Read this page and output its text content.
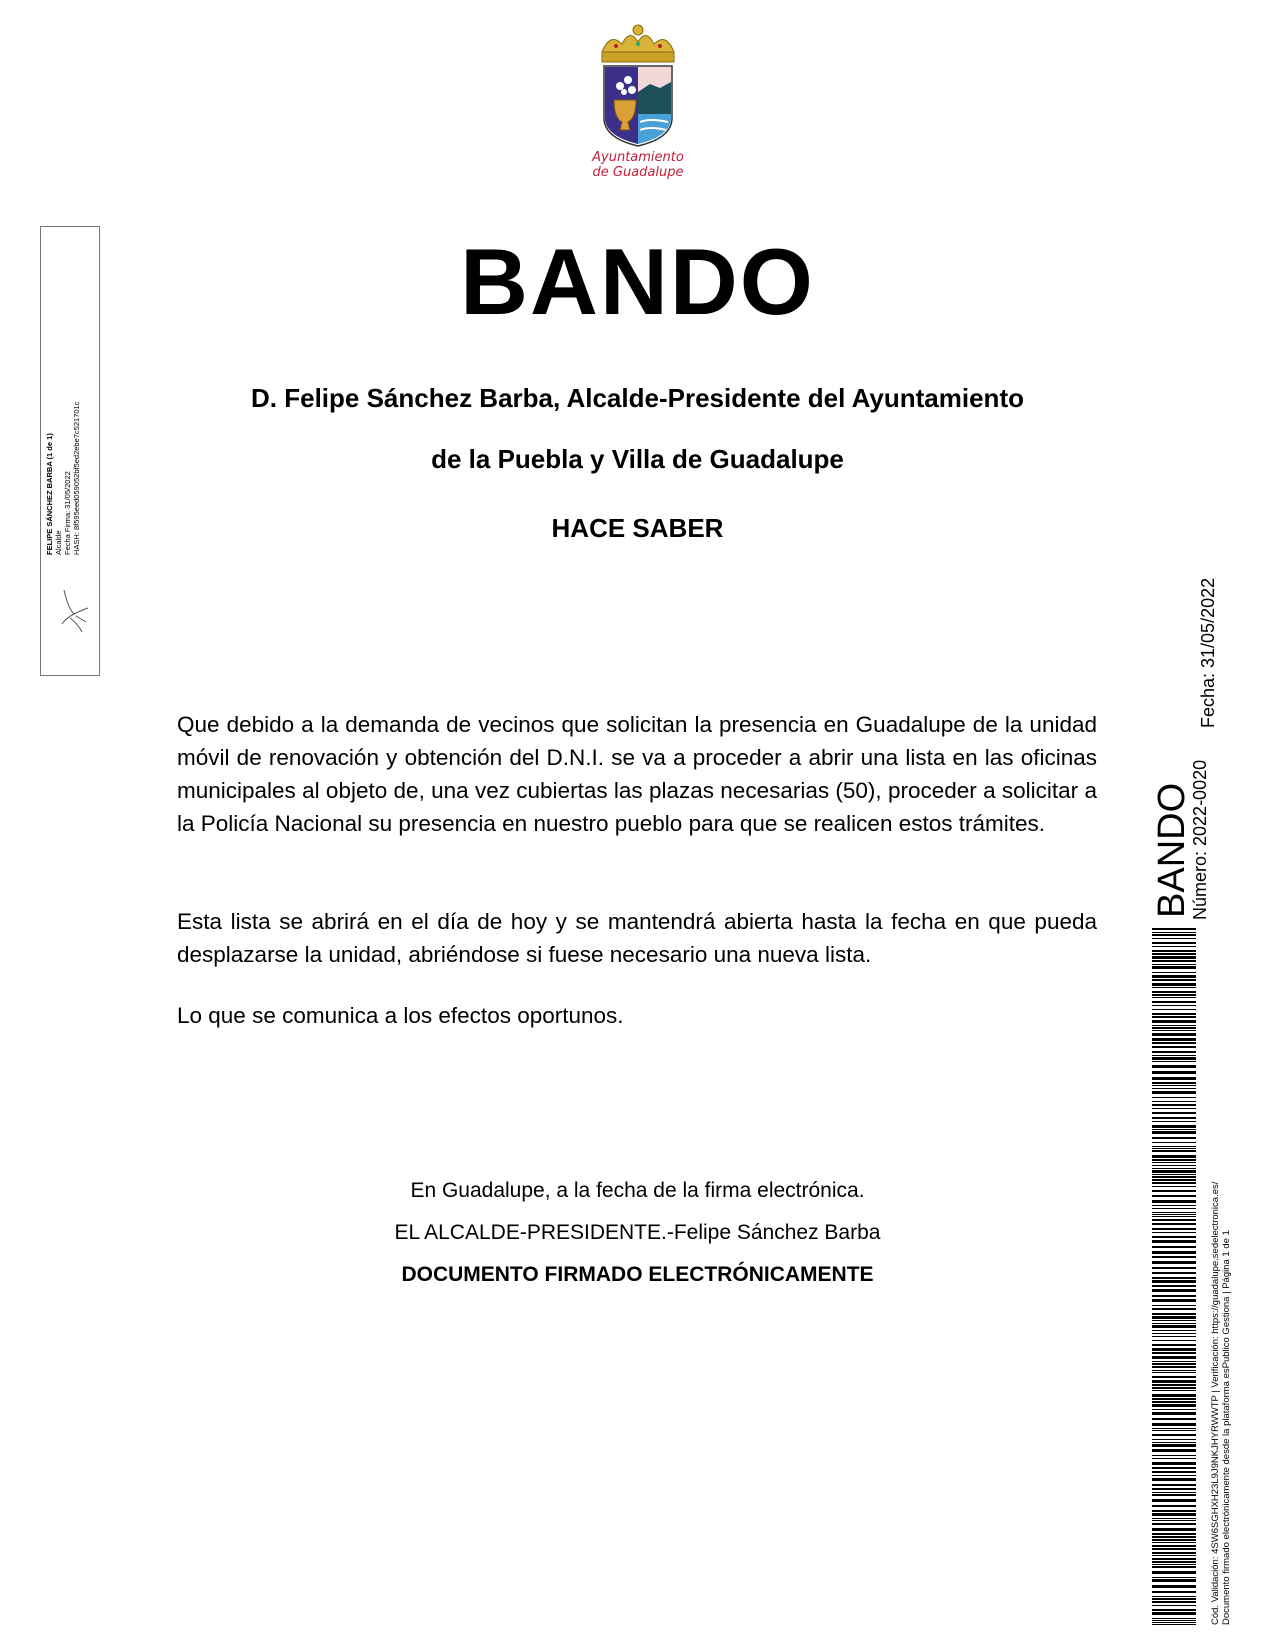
Ayuntamiento
de Guadalupe
FELIPE SÁNCHEZ BARBA (1 de 1) Alcalde Fecha Firma: 31/05/2022 HASH: 8f595eed059052bf5ed2ebe7c521701c
BANDO
D. Felipe Sánchez Barba, Alcalde-Presidente del Ayuntamiento
de la Puebla y Villa de Guadalupe
HACE SABER
Que debido a la demanda de vecinos que solicitan la presencia en Guadalupe de la unidad móvil de renovación y obtención del D.N.I. se va a proceder a abrir una lista en las oficinas municipales al objeto de, una vez cubiertas las plazas necesarias (50), proceder a solicitar a la Policía Nacional su presencia en nuestro pueblo para que se realicen estos trámites.
Esta lista se abrirá en el día de hoy y se mantendrá abierta hasta la fecha en que pueda desplazarse la unidad, abriéndose si fuese necesario una nueva lista.
Lo que se comunica a los efectos oportunos.
En Guadalupe, a la fecha de la firma electrónica.
EL ALCALDE-PRESIDENTE.-Felipe Sánchez Barba
DOCUMENTO FIRMADO ELECTRÓNICAMENTE
BANDO
Número: 2022-0020
Fecha: 31/05/2022
Cód. Validación: 4SW6SGHXH23L9J9NKJHYRWWTP | Verificación: https://guadalupe.sedelectronica.es/ Documento firmado electrónicamente desde la plataforma esPublico Gestiona | Página 1 de 1
